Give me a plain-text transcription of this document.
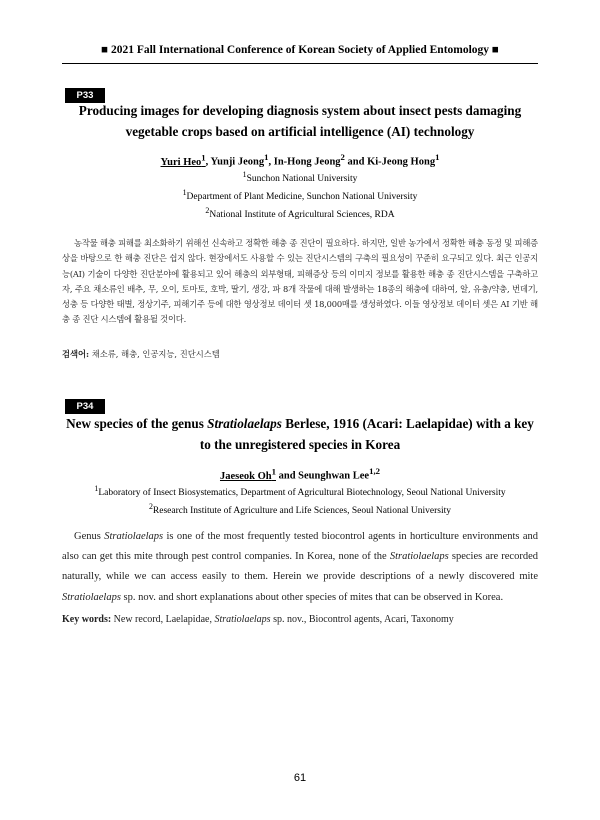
■ 2021 Fall International Conference of Korean Society of Applied Entomology ■
P33
Producing images for developing diagnosis system about insect pests damaging
vegetable crops based on artificial intelligence (AI) technology
Yuri Heo$^1$, Yunji Jeong$^1$, In-Hong Jeong$^2$ and Ki-Jeong Hong$^1$
$^1$Sunchon National University
$^1$Department of Plant Medicine, Sunchon National University
$^2$National Institute of Agricultural Sciences, RDA
농작물 해충 피해를 최소화하기 위해선 신속하고 정확한 해충 종 진단이 필요하다. 하지만, 일반 농가에서 정확한 해충 동정 및 피해증상을 바탕으로 한 해충 진단은 쉽지 않다. 현장에서도 사용할 수 있는 진단시스템의 구축의 필요성이 꾸준히 요구되고 있다. 최근 인공지능(AI) 기술이 다양한 진단분야에 활용되고 있어 해충의 외부형태, 피해증상 등의 이미지 정보를 활용한 해충 종 진단시스템을 구축하고 자, 주요 채소류인 배추, 무, 오이, 토마토, 호박, 딸기, 생강, 파 8개 작물에 대해 발생하는 18종의 해충에 대하여, 알, 유충/약충, 번데기, 성충 등 다양한 태별, 정상기주, 피해기주 등에 대한 영상정보 데이터 셋 18,000매를 생성하였다. 이들 영상정보 데이터 셋은 AI 기반 해충 종 진단 시스템에 활용될 것이다.
검색어: 채소류, 해충, 인공지능, 진단시스템
P34
New species of the genus Stratiolaelaps Berlese, 1916 (Acari: Laelapidae) with a key
to the unregistered species in Korea
Jaeseok Oh$^1$ and Seunghwan Lee$^{1,2}$
$^1$Laboratory of Insect Biosystematics, Department of Agricultural Biotechnology, Seoul National University
$^2$Research Institute of Agriculture and Life Sciences, Seoul National University
Genus Stratiolaelaps is one of the most frequently tested biocontrol agents in horticulture environments and also can get this mite through pest control companies. In Korea, none of the Stratiolaelaps species are recorded naturally, while we can access easily to them. Herein we provide descriptions of a newly discovered mite Stratiolaelaps sp. nov. and short explanations about other species of mites that can be observed in Korea.
Key words: New record, Laelapidae, Stratiolaelaps sp. nov., Biocontrol agents, Acari, Taxonomy
61
